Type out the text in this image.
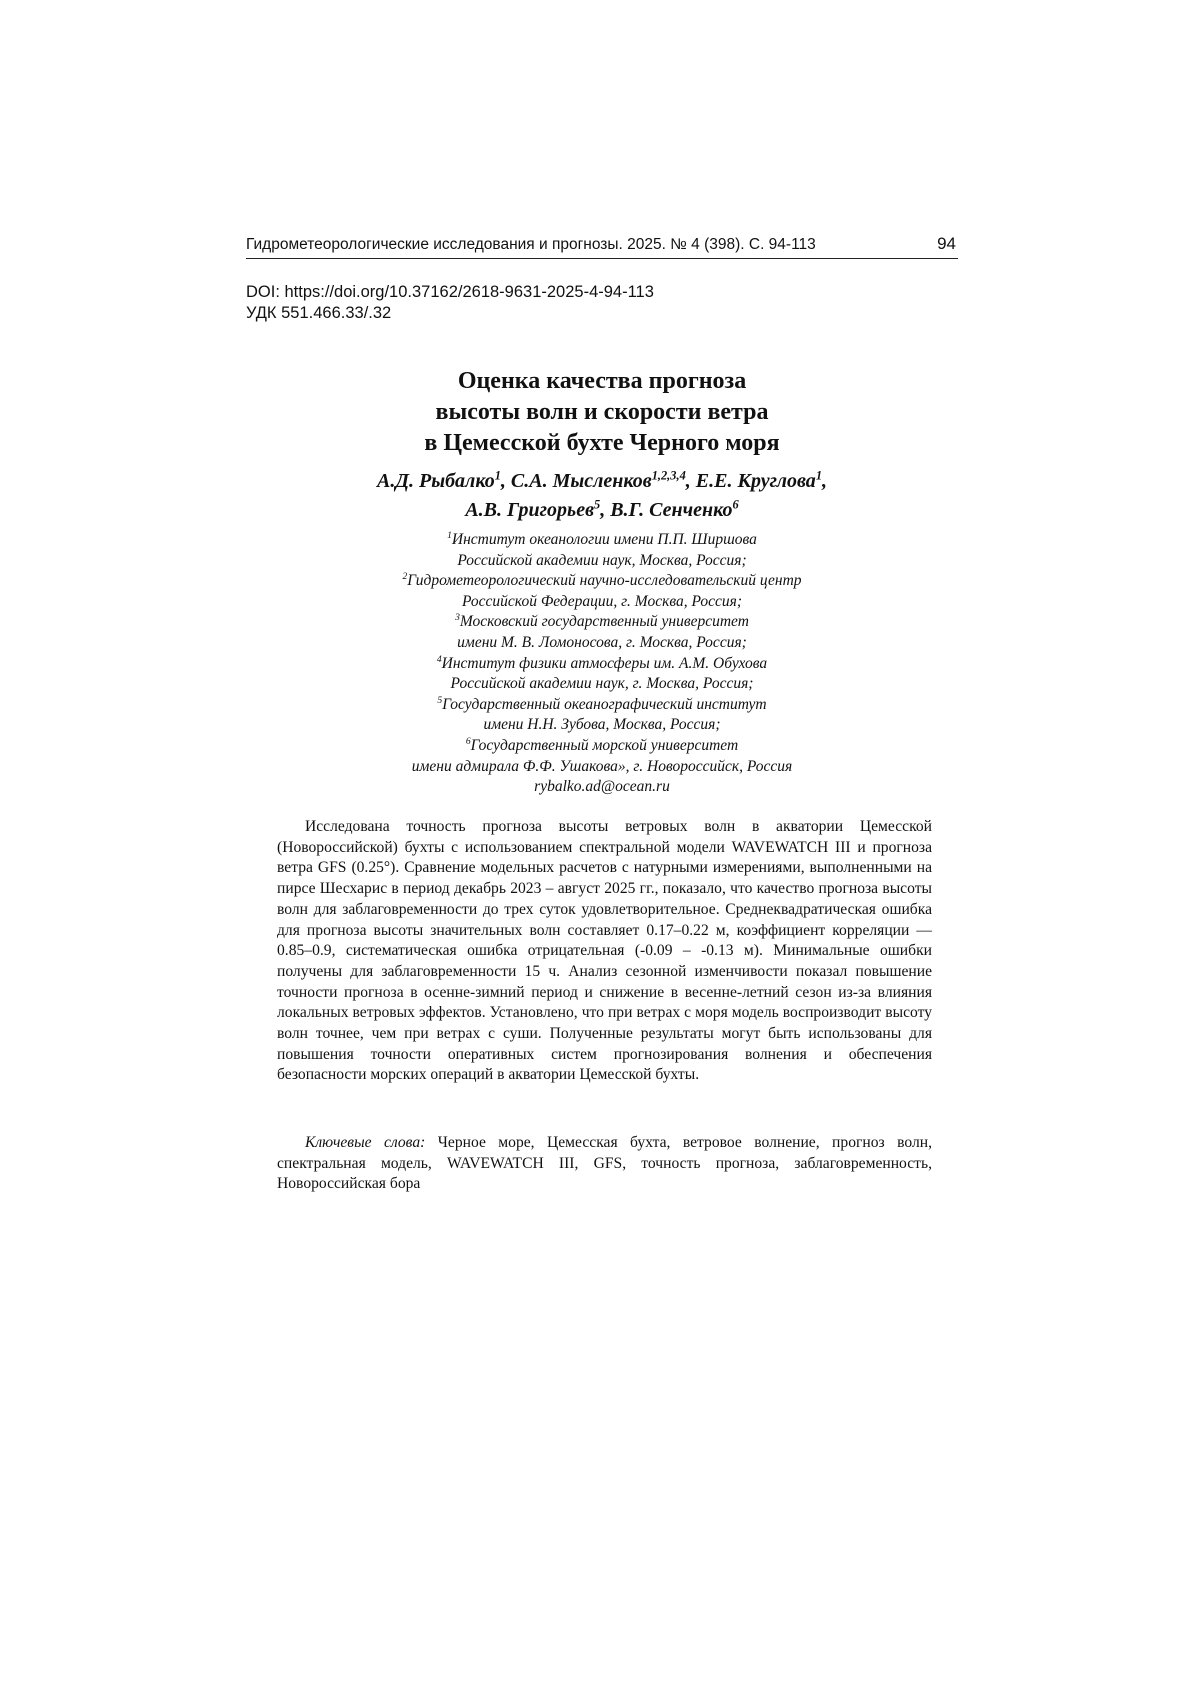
Гидрометеорологические исследования и прогнозы. 2025. № 4 (398). С. 94-113	94
DOI: https://doi.org/10.37162/2618-9631-2025-4-94-113
УДК 551.466.33/.32
Оценка качества прогноза
высоты волн и скорости ветра
в Цемесской бухте Черного моря
А.Д. Рыбалко$^1$, С.А. Мысленков$^{1,2,3,4}$, Е.Е. Круглова$^1$,
А.В. Григорьев$^5$, В.Г. Сенченко$^6$
$^1$Институт океанологии имени П.П. Ширшова
Российской академии наук, Москва, Россия;
$^2$Гидрометеорологический научно-исследовательский центр
Российской Федерации, г. Москва, Россия;
$^3$Московский государственный университет
имени М. В. Ломоносова, г. Москва, Россия;
$^4$Институт физики атмосферы им. А.М. Обухова
Российской академии наук, г. Москва, Россия;
$^5$Государственный океанографический институт
имени Н.Н. Зубова, Москва, Россия;
$^6$Государственный морской университет
имени адмирала Ф.Ф. Ушакова», г. Новороссийск, Россия
rybalko.ad@ocean.ru

Исследована точность прогноза высоты ветровых волн в акватории Цемесской (Новороссийской) бухты с использованием спектральной модели WAVEWATCH III и прогноза ветра GFS (0.25°). Сравнение модельных расчетов с натурными измерениями, выполненными на пирсе Шесхарис в период декабрь 2023 – август 2025 гг., показало, что качество прогноза высоты волн для заблаговременности до трех суток удовлетворительное. Среднеквадратическая ошибка для прогноза высоты значительных волн составляет 0.17–0.22 м, коэффициент корреляции — 0.85–0.9, систематическая ошибка отрицательная (-0.09 – -0.13 м). Минимальные ошибки получены для заблаговременности 15 ч. Анализ сезонной изменчивости показал повышение точности прогноза в осенне-зимний период и снижение в весенне-летний сезон из-за влияния локальных ветровых эффектов. Установлено, что при ветрах с моря модель воспроизводит высоту волн точнее, чем при ветрах с суши. Полученные результаты могут быть использованы для повышения точности оперативных систем прогнозирования волнения и обеспечения безопасности морских операций в акватории Цемесской бухты.

Ключевые слова: Черное море, Цемесская бухта, ветровое волнение, прогноз волн, спектральная модель, WAVEWATCH III, GFS, точность прогноза, заблаговременность, Новороссийская бора
